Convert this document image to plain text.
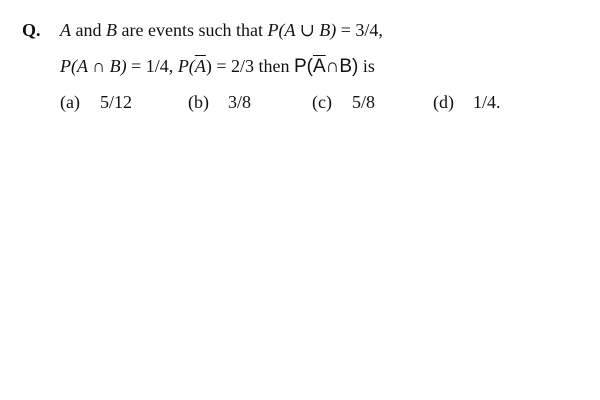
Q. A and B are events such that P(A ∪ B) = 3/4,
P(A ∩ B) = 1/4, $P(\overline{A}) = 2/3$ then $P(\overline{A}\cap B)$ is
(a) 5/12	(b) 3/8	(c) 5/8	(d) 1/4.
